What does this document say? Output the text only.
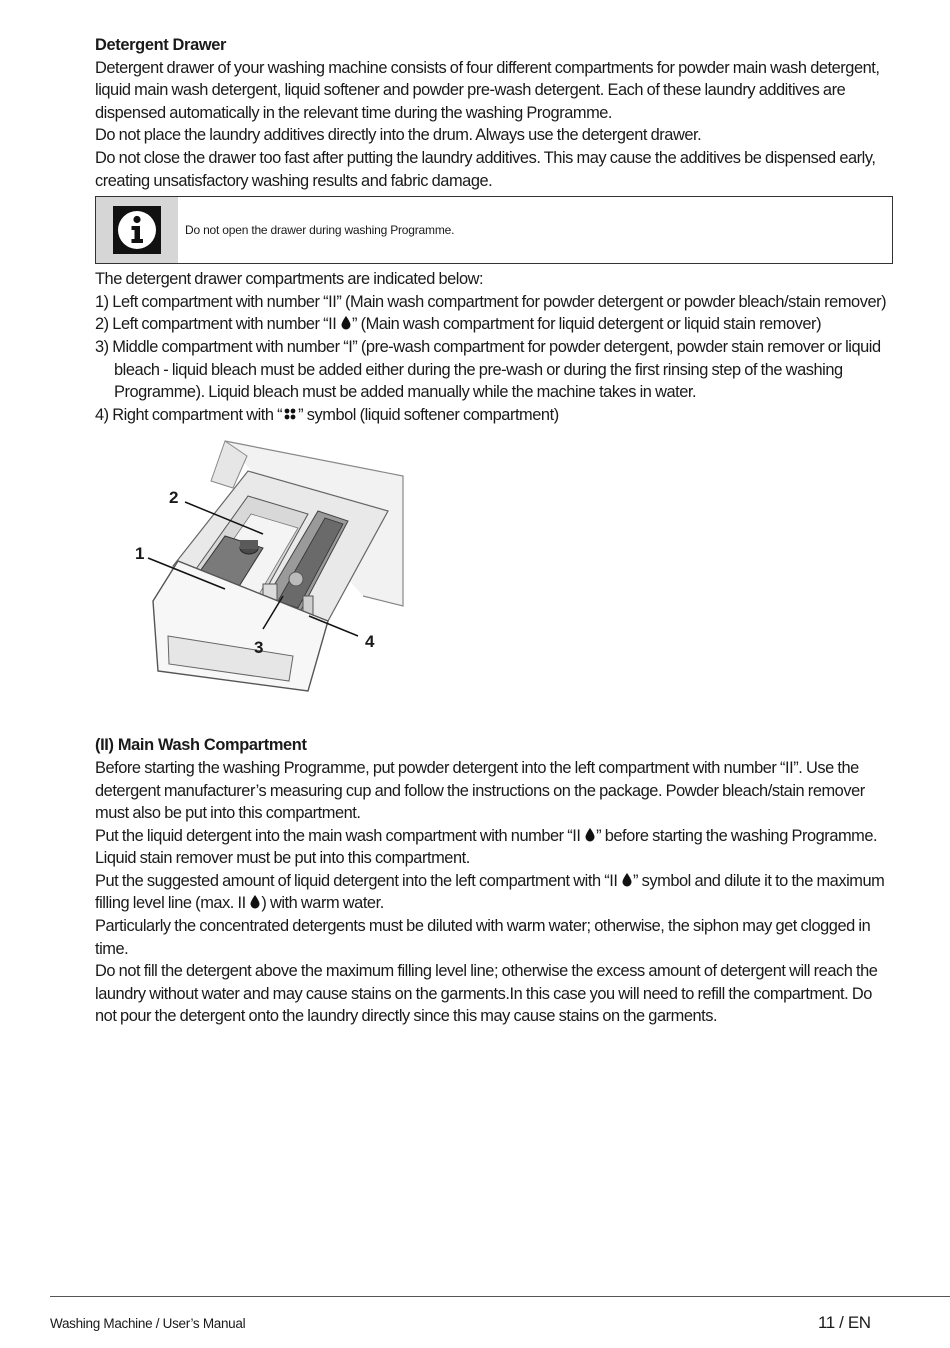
Detergent Drawer

Detergent drawer of your washing machine consists of four different compartments for powder main wash detergent, liquid main wash detergent, liquid softener and powder pre-wash detergent. Each of these laundry additives are dispensed automatically in the relevant time during the washing Programme.

Do not place the laundry additives directly into the drum. Always use the detergent drawer.

Do not close the drawer too fast after putting the laundry additives. This may cause the additives be dispensed early, creating unsatisfactory washing results and fabric damage.

Do not open the drawer during washing Programme.

The detergent drawer compartments are indicated below:

1) Left compartment with number “II” (Main wash compartment for powder detergent or powder bleach/stain remover)
2) Left compartment with number “II ” (Main wash compartment for liquid detergent or liquid stain remover)
3) Middle compartment with number “I” (pre-wash compartment for powder detergent, powder stain remover or liquid bleach - liquid bleach must be added either during the pre-wash or during the first rinsing step of the washing Programme). Liquid bleach must be added manually while the machine takes in water.
4) Right compartment with “ ” symbol (liquid softener compartment)
2
1
3	4
(II) Main Wash Compartment

Before starting the washing Programme, put powder detergent into the left compartment with number “II”. Use the detergent manufacturer’s measuring cup and follow the instructions on the package. Powder bleach/stain remover must also be put into this compartment.

Put the liquid detergent into the main wash compartment with number “II ” before starting the washing Programme. Liquid stain remover must be put into this compartment.

Put the suggested amount of liquid detergent into the left compartment with “II ” symbol and dilute it to the maximum filling level line (max. II ) with warm water.

Particularly the concentrated detergents must be diluted with warm water; otherwise, the siphon may get clogged in time.

Do not fill the detergent above the maximum filling level line; otherwise the excess amount of detergent will reach the laundry without water and may cause stains on the garments.In this case you will need to refill the compartment. Do not pour the detergent onto the laundry directly since this may cause stains on the garments.

Washing Machine / User’s Manual	11 / EN
